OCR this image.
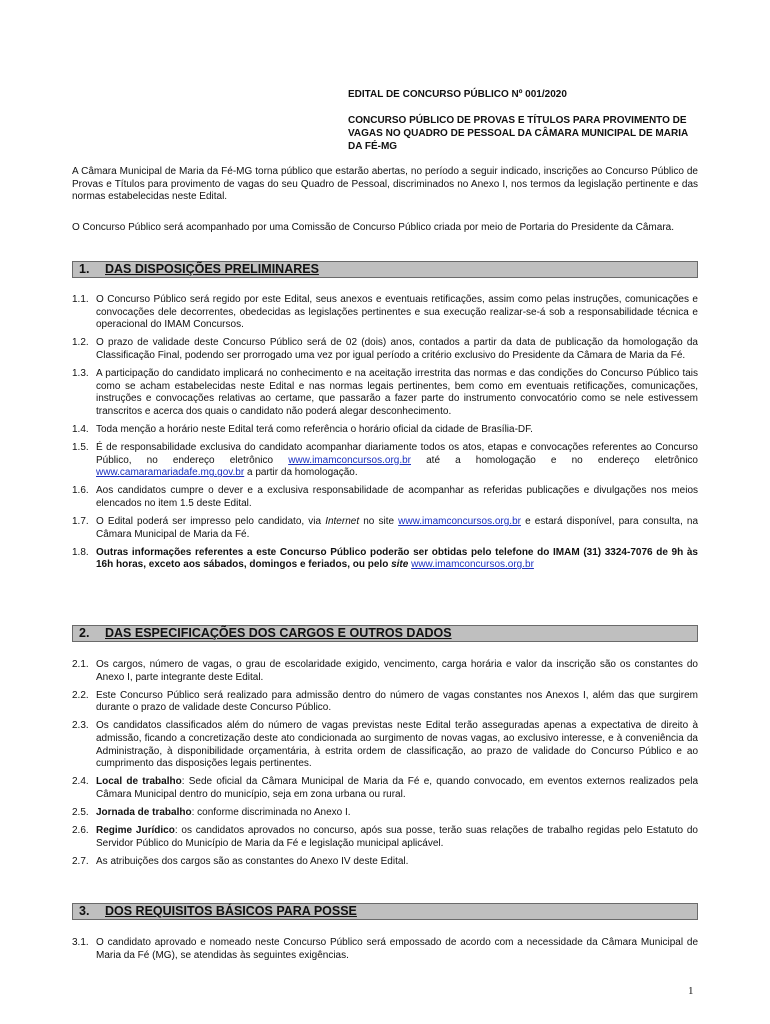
EDITAL DE CONCURSO PÚBLICO Nº 001/2020
CONCURSO PÚBLICO DE PROVAS E TÍTULOS PARA PROVIMENTO DE VAGAS NO QUADRO DE PESSOAL DA CÂMARA MUNICIPAL DE MARIA DA FÉ-MG
A Câmara Municipal de Maria da Fé-MG torna público que estarão abertas, no período a seguir indicado, inscrições ao Concurso Público de Provas e Títulos para provimento de vagas do seu Quadro de Pessoal, discriminados no Anexo I, nos termos da legislação pertinente e das normas estabelecidas neste Edital.
O Concurso Público será acompanhado por uma Comissão de Concurso Público criada por meio de Portaria do Presidente da Câmara.
1. DAS DISPOSIÇÕES PRELIMINARES
1.1. O Concurso Público será regido por este Edital, seus anexos e eventuais retificações, assim como pelas instruções, comunicações e convocações dele decorrentes, obedecidas as legislações pertinentes e sua execução realizar-se-á sob a responsabilidade técnica e operacional do IMAM Concursos.
1.2. O prazo de validade deste Concurso Público será de 02 (dois) anos, contados a partir da data de publicação da homologação da Classificação Final, podendo ser prorrogado uma vez por igual período a critério exclusivo do Presidente da Câmara de Maria da Fé.
1.3. A participação do candidato implicará no conhecimento e na aceitação irrestrita das normas e das condições do Concurso Público tais como se acham estabelecidas neste Edital e nas normas legais pertinentes, bem como em eventuais retificações, comunicações, instruções e convocações relativas ao certame, que passarão a fazer parte do instrumento convocatório como se nele estivessem transcritos e acerca dos quais o candidato não poderá alegar desconhecimento.
1.4. Toda menção a horário neste Edital terá como referência o horário oficial da cidade de Brasília-DF.
1.5. É de responsabilidade exclusiva do candidato acompanhar diariamente todos os atos, etapas e convocações referentes ao Concurso Público, no endereço eletrônico www.imamconcursos.org.br até a homologação e no endereço eletrônico www.camaramariadafe.mg.gov.br a partir da homologação.
1.6. Aos candidatos cumpre o dever e a exclusiva responsabilidade de acompanhar as referidas publicações e divulgações nos meios elencados no item 1.5 deste Edital.
1.7. O Edital poderá ser impresso pelo candidato, via Internet no site www.imamconcursos.org.br e estará disponível, para consulta, na Câmara Municipal de Maria da Fé.
1.8. Outras informações referentes a este Concurso Público poderão ser obtidas pelo telefone do IMAM (31) 3324-7076 de 9h às 16h horas, exceto aos sábados, domingos e feriados, ou pelo site www.imamconcursos.org.br
2. DAS ESPECIFICAÇÕES DOS CARGOS E OUTROS DADOS
2.1. Os cargos, número de vagas, o grau de escolaridade exigido, vencimento, carga horária e valor da inscrição são os constantes do Anexo I, parte integrante deste Edital.
2.2. Este Concurso Público será realizado para admissão dentro do número de vagas constantes nos Anexos I, além das que surgirem durante o prazo de validade deste Concurso Público.
2.3. Os candidatos classificados além do número de vagas previstas neste Edital terão asseguradas apenas a expectativa de direito à admissão, ficando a concretização deste ato condicionada ao surgimento de novas vagas, ao exclusivo interesse, e à conveniência da Administração, à disponibilidade orçamentária, à estrita ordem de classificação, ao prazo de validade do Concurso Público e ao cumprimento das disposições legais pertinentes.
2.4. Local de trabalho: Sede oficial da Câmara Municipal de Maria da Fé e, quando convocado, em eventos externos realizados pela Câmara Municipal dentro do município, seja em zona urbana ou rural.
2.5. Jornada de trabalho: conforme discriminada no Anexo I.
2.6. Regime Jurídico: os candidatos aprovados no concurso, após sua posse, terão suas relações de trabalho regidas pelo Estatuto do Servidor Público do Município de Maria da Fé e legislação municipal aplicável.
2.7. As atribuições dos cargos são as constantes do Anexo IV deste Edital.
3. DOS REQUISITOS BÁSICOS PARA POSSE
3.1. O candidato aprovado e nomeado neste Concurso Público será empossado de acordo com a necessidade da Câmara Municipal de Maria da Fé (MG), se atendidas às seguintes exigências.
1
